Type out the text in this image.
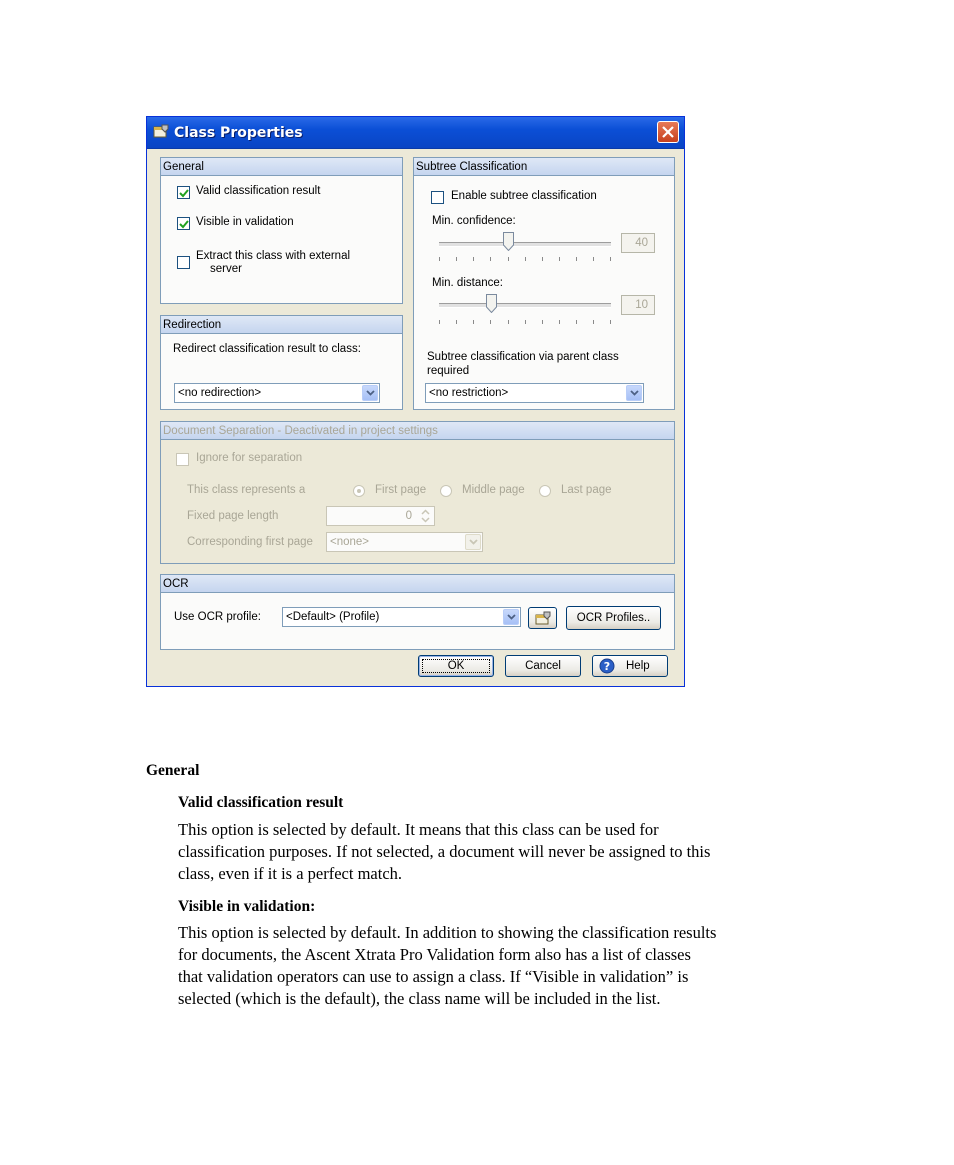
Class Properties
General
Valid classification result
Visible in validation
Extract this class with external
server
Redirection
Redirect classification result to class:
<no redirection>
Subtree Classification
Enable subtree classification
Min. confidence:
40
Min. distance:
10
Subtree classification via parent class
required
<no restriction>
Document Separation - Deactivated in project settings
Ignore for separation
This class represents a	First page	Middle page	Last page
Fixed page length	0
Corresponding first page	<none>
OCR
Use OCR profile:	<Default> (Profile)	OCR Profiles..
OK	Cancel	? Help
General
Valid classification result
This option is selected by default. It means that this class can be used for
classification purposes. If not selected, a document will never be assigned to this
class, even if it is a perfect match.
Visible in validation:
This option is selected by default. In addition to showing the classification results
for documents, the Ascent Xtrata Pro Validation form also has a list of classes
that validation operators can use to assign a class. If “Visible in validation” is
selected (which is the default), the class name will be included in the list.
